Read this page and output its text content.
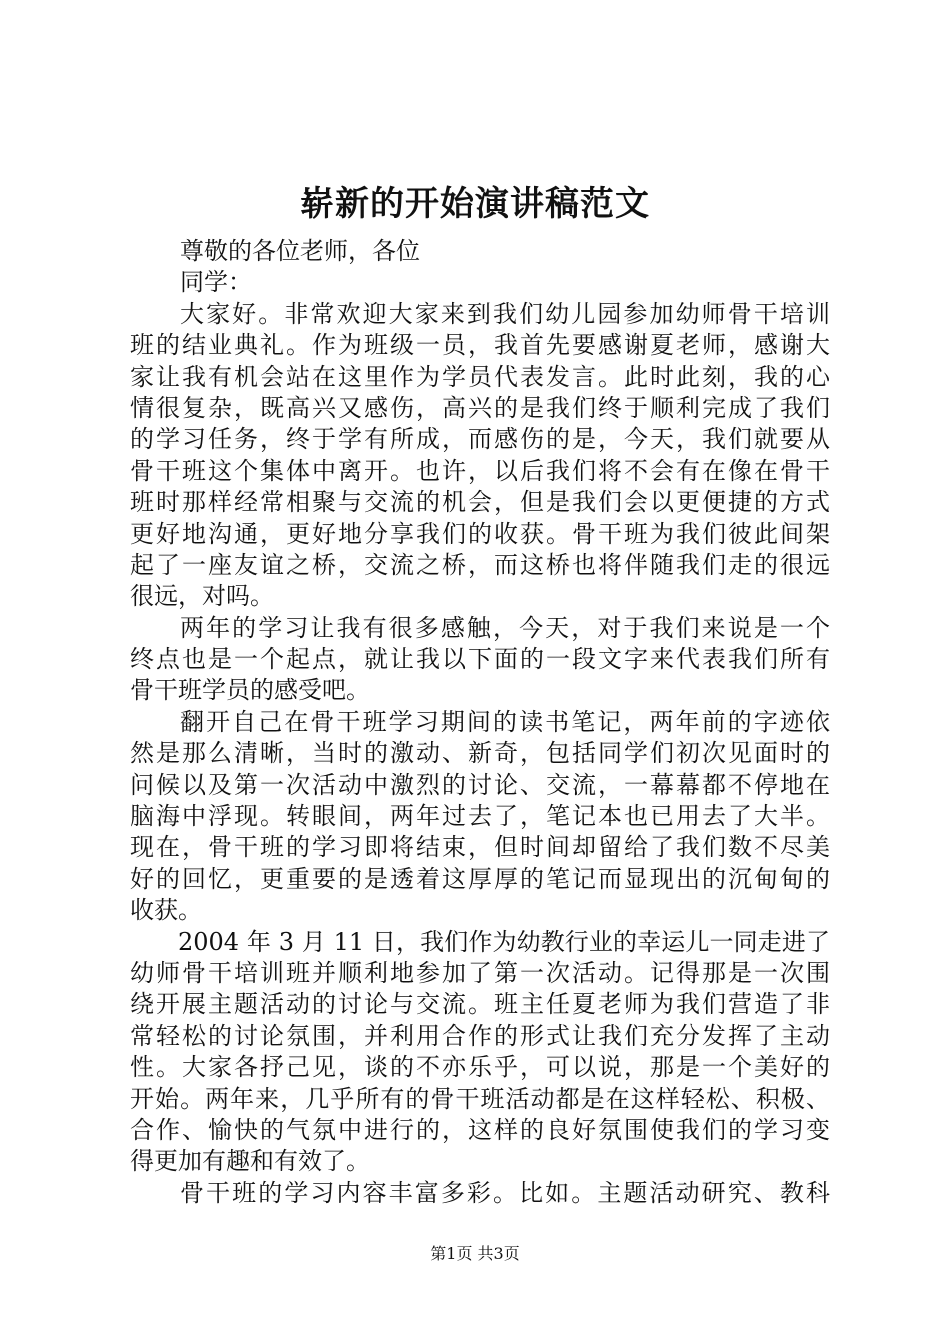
崭新的开始演讲稿范文
尊敬的各位老师，各位
同学：
大家好。非常欢迎大家来到我们幼儿园参加幼师骨干培训
班的结业典礼。作为班级一员，我首先要感谢夏老师，感谢大
家让我有机会站在这里作为学员代表发言。此时此刻，我的心
情很复杂，既高兴又感伤，高兴的是我们终于顺利完成了我们
的学习任务，终于学有所成，而感伤的是，今天，我们就要从
骨干班这个集体中离开。也许，以后我们将不会有在像在骨干
班时那样经常相聚与交流的机会，但是我们会以更便捷的方式
更好地沟通，更好地分享我们的收获。骨干班为我们彼此间架
起了一座友谊之桥，交流之桥，而这桥也将伴随我们走的很远
很远，对吗。
两年的学习让我有很多感触，今天，对于我们来说是一个
终点也是一个起点，就让我以下面的一段文字来代表我们所有
骨干班学员的感受吧。
翻开自己在骨干班学习期间的读书笔记，两年前的字迹依
然是那么清晰，当时的激动、新奇，包括同学们初次见面时的
问候以及第一次活动中激烈的讨论、交流，一幕幕都不停地在
脑海中浮现。转眼间，两年过去了，笔记本也已用去了大半。
现在，骨干班的学习即将结束，但时间却留给了我们数不尽美
好的回忆，更重要的是透着这厚厚的笔记而显现出的沉甸甸的
收获。
2004 年 3 月 11 日，我们作为幼教行业的幸运儿一同走进了
幼师骨干培训班并顺利地参加了第一次活动。记得那是一次围
绕开展主题活动的讨论与交流。班主任夏老师为我们营造了非
常轻松的讨论氛围，并利用合作的形式让我们充分发挥了主动
性。大家各抒己见，谈的不亦乐乎，可以说，那是一个美好的
开始。两年来，几乎所有的骨干班活动都是在这样轻松、积极、
合作、愉快的气氛中进行的，这样的良好氛围使我们的学习变
得更加有趣和有效了。
骨干班的学习内容丰富多彩。比如。主题活动研究、教科
第1页 共3页
